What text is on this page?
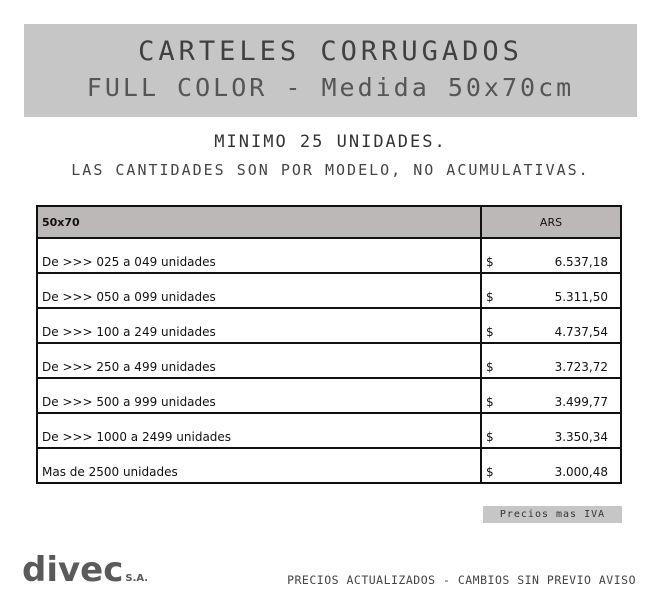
CARTELES CORRUGADOS
FULL COLOR - Medida 50x70cm
MINIMO 25 UNIDADES.
LAS CANTIDADES SON POR MODELO, NO ACUMULATIVAS.
50x70	ARS
De >>> 025 a 049 unidades	$ 6.537,18

De >>> 050 a 099 unidades	$ 5.311,50

De >>> 100 a 249 unidades	$ 4.737,54

De >>> 250 a 499 unidades	$ 3.723,72

De >>> 500 a 999 unidades	$ 3.499,77

De >>> 1000 a 2499 unidades	$ 3.350,34

Mas de 2500 unidades	$ 3.000,48
Precios mas IVA
divec S.A.	PRECIOS ACTUALIZADOS - CAMBIOS SIN PREVIO AVISO
